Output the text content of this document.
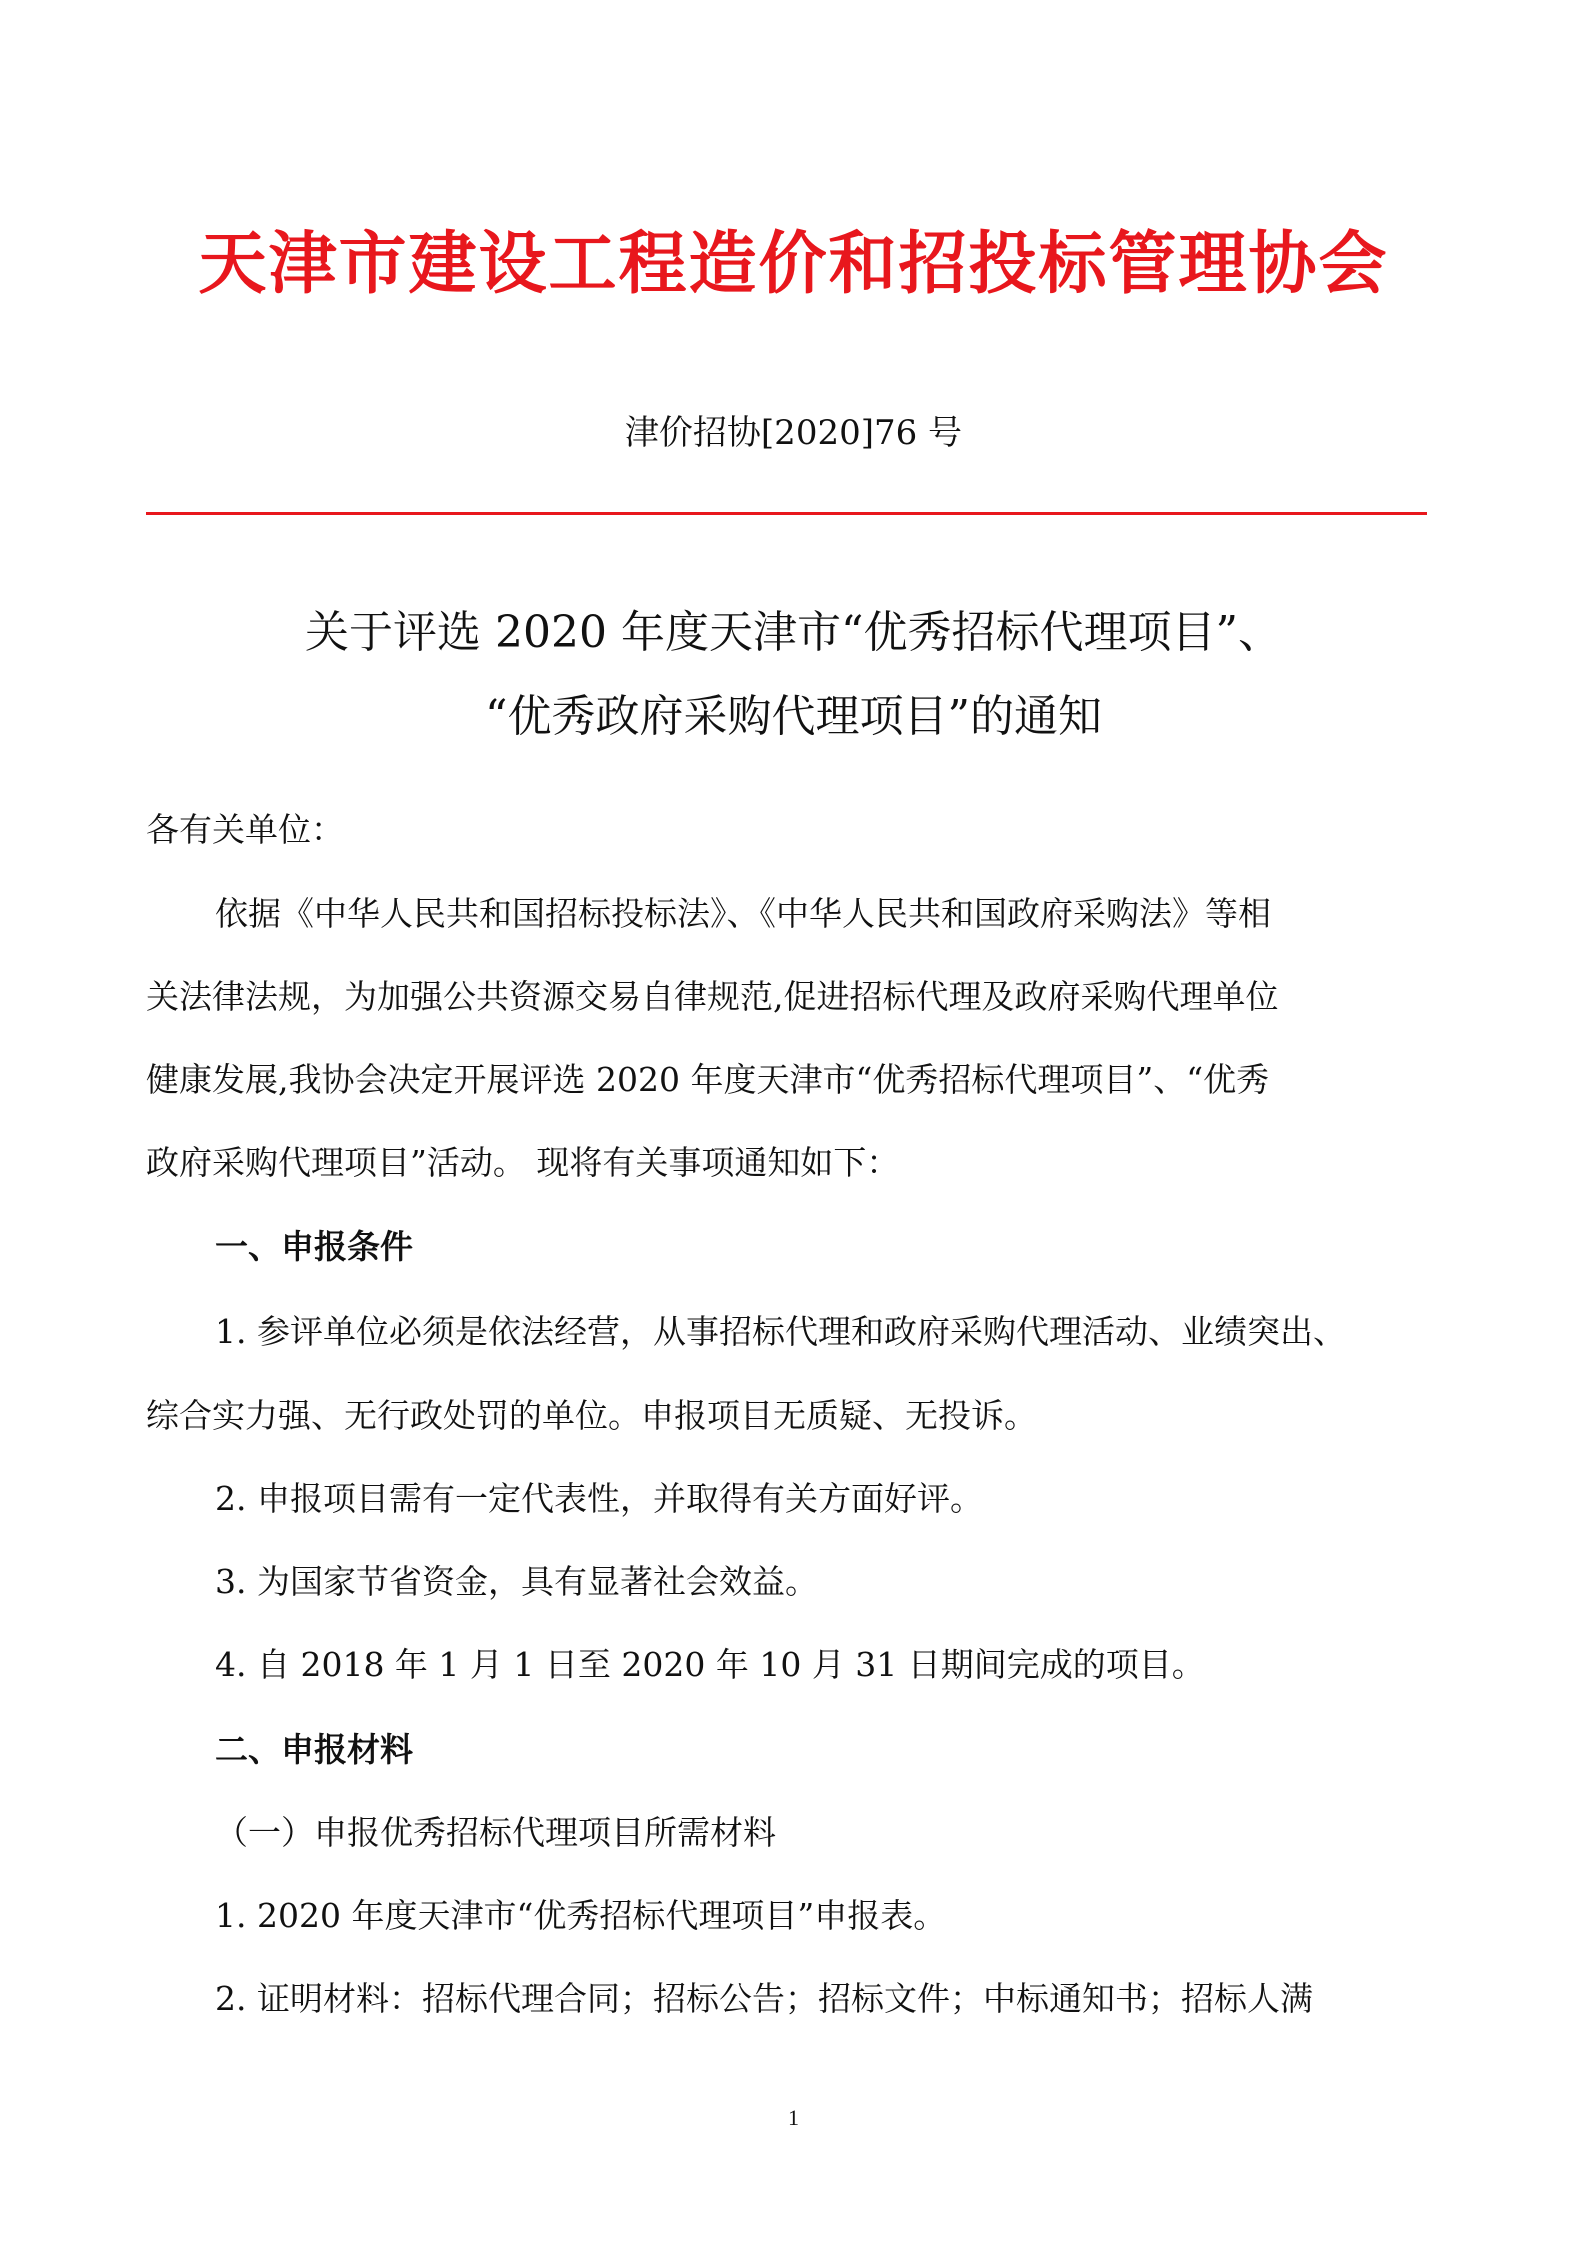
天津市建设工程造价和招投标管理协会
津价招协[2020]76 号
关于评选 2020 年度天津市“优秀招标代理项目”、
“优秀政府采购代理项目”的通知
各有关单位：
依据《中华人民共和国招标投标法》、《中华人民共和国政府采购法》等相
关法律法规，为加强公共资源交易自律规范,促进招标代理及政府采购代理单位
健康发展,我协会决定开展评选 2020 年度天津市“优秀招标代理项目”、“优秀
政府采购代理项目”活动。 现将有关事项通知如下：
一、申报条件
1. 参评单位必须是依法经营，从事招标代理和政府采购代理活动、业绩突出、
综合实力强、无行政处罚的单位。申报项目无质疑、无投诉。
2. 申报项目需有一定代表性，并取得有关方面好评。
3. 为国家节省资金，具有显著社会效益。
4. 自 2018 年 1 月 1 日至 2020 年 10 月 31 日期间完成的项目。
二、申报材料
（一）申报优秀招标代理项目所需材料
1. 2020 年度天津市“优秀招标代理项目”申报表。
2. 证明材料：招标代理合同；招标公告；招标文件；中标通知书；招标人满
1
